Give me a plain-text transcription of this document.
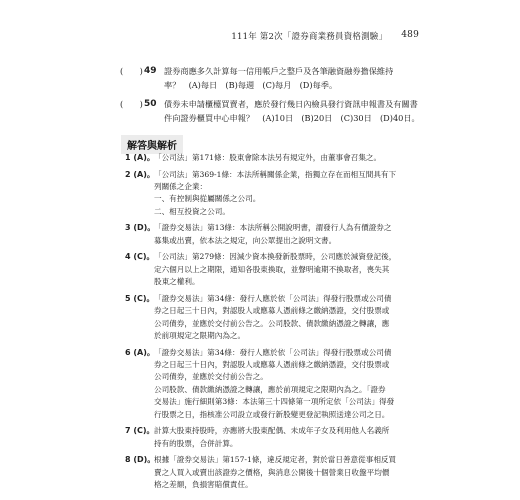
111年 第2次「證券商業務員資格測驗」 489
(　　) 49 證券商應多久計算每一信用帳戶之整戶及各筆融資融券擔保維持
率？　(A)每日　(B)每週　(C)每月　(D)每季。
(　　) 50 債券未申請櫃檯買賣者，應於發行幾日內檢具發行資訊申報書及有關書
件向證券櫃買中心申報？　(A)10日　(B)20日　(C)30日　(D)40日。
解答與解析
1 (A)。 「公司法」第171條：股東會除本法另有規定外，由董事會召集之。
2 (A)。 「公司法」第369-1條：本法所稱關係企業，指獨立存在而相互間具有下
列關係之企業：
一、有控制與從屬關係之公司。
二、相互投資之公司。
3 (D)。
「證券交易法」第13條：本法所稱公開說明書，謂發行人為有價證券之
募集或出賣，依本法之規定，向公眾提出之說明文書。
4 (C)。 「公司法」第279條：因減少資本換發新股票時，公司應於減資登記後，
定六個月以上之期限，通知各股東換取，並聲明逾期不換取者，喪失其
股東之權利。
5 (C)。 「證券交易法」第34條：發行人應於依「公司法」得發行股票或公司債
券之日起三十日內，對認股人或應募人憑前條之繳納憑證，交付股票或
公司債券，並應於交付前公告之。公司股款、債款繳納憑證之轉讓，應
於前項規定之限期內為之。
6 (A)。 「證券交易法」第34條：發行人應於依「公司法」得發行股票或公司債
券之日起三十日內，對認股人或應募人憑前條之繳納憑證，交付股票或
公司債券，並應於交付前公告之。
公司股款、債款繳納憑證之轉讓，應於前項規定之限期內為之。「證券
交易法」施行細則第3條：本法第三十四條第一項所定依「公司法」得發
行股票之日，指核准公司設立或發行新股變更登記執照送達公司之日。
7 (C)。 計算大股東持股時，亦應將大股東配偶、未成年子女及利用他人名義所
持有的股票，合併計算。
8 (D)。
根據「證券交易法」第157-1條，違反規定者，對於當日善意從事相反買
賣之人買入或賣出該證券之價格，與消息公開後十個營業日收盤平均價
格之差額，負損害賠償責任。
